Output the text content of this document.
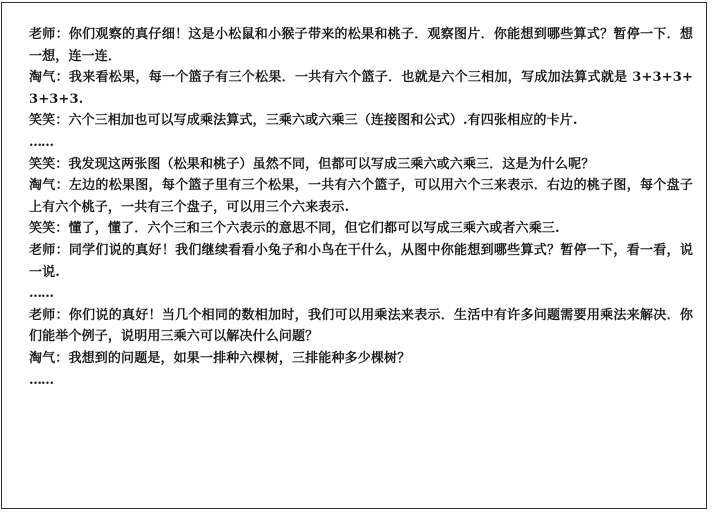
老师：你们观察的真仔细！这是小松鼠和小猴子带来的松果和桃子．观察图片．你能想到哪些算式？暂停一下．想一想，连一连．

淘气：我来看松果，每一个篮子有三个松果．一共有六个篮子．也就是六个三相加，写成加法算式就是 3+3+3+3+3+3.

笑笑：六个三相加也可以写成乘法算式，三乘六或六乘三（连接图和公式）.有四张相应的卡片.

……

笑笑：我发现这两张图（松果和桃子）虽然不同，但都可以写成三乘六或六乘三．这是为什么呢？

淘气：左边的松果图，每个篮子里有三个松果，一共有六个篮子，可以用六个三来表示．右边的桃子图，每个盘子上有六个桃子，一共有三个盘子，可以用三个六来表示.

笑笑：懂了，懂了．六个三和三个六表示的意思不同，但它们都可以写成三乘六或者六乘三.

老师：同学们说的真好！我们继续看看小兔子和小鸟在干什么，从图中你能想到哪些算式？暂停一下，看一看，说一说.

……

老师：你们说的真好！当几个相同的数相加时，我们可以用乘法来表示．生活中有许多问题需要用乘法来解决．你们能举个例子，说明用三乘六可以解决什么问题？

淘气：我想到的问题是，如果一排种六棵树，三排能种多少棵树？

……
